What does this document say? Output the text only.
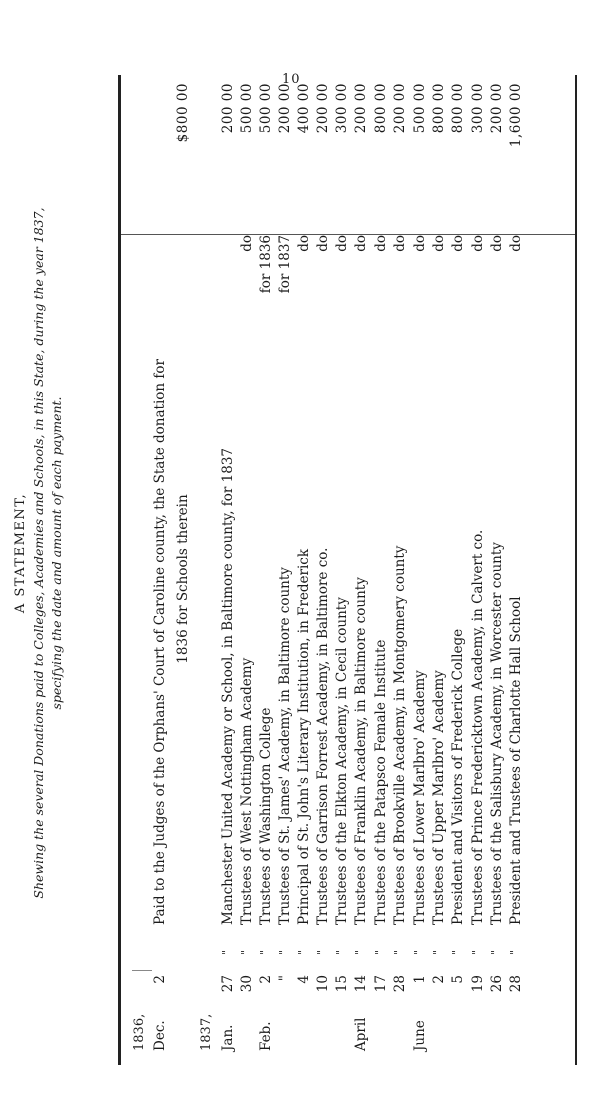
10
A STATEMENT, Shewing the several Donations paid to Colleges, Academies and Schools, in this State, during the year 1837, specifying the date and amount of each payment.
1836, Dec.
2
Paid to the Judges of the Orphans' Court of Caroline county, the State donation for 1836 for Schools therein
$800 00
1837, Jan.
27
"
Manchester United Academy or School, in Baltimore county, for 1837
200 00
30
"
Trustees of West Nottingham Academy
do
500 00
Feb.
2
"
Trustees of Washington College
for 1836
500 00
"
"
Trustees of St. James' Academy, in Baltimore county
for 1837
200 00
4
"
Principal of St. John's Literary Institution, in Frederick
do
400 00
10
"
Trustees of Garrison Forrest Academy, in Baltimore co.
do
200 00
15
"
Trustees of the Elkton Academy, in Cecil county
do
300 00
April
14
"
Trustees of Franklin Academy, in Baltimore county
do
200 00
17
"
Trustees of the Patapsco Female Institute
do
800 00
28
"
Trustees of Brookville Academy, in Montgomery county
do
200 00
June
1
"
Trustees of Lower Marlbro' Academy
do
500 00
2
"
Trustees of Upper Marlbro' Academy
do
800 00
5
"
President and Visitors of Frederick College
do
800 00
19
"
Trustees of Prince Fredericktown Academy, in Calvert co.
do
300 00
26
"
Trustees of the Salisbury Academy, in Worcester county
do
200 00
28
"
President and Trustees of Charlotte Hall School
do
1,600 00
